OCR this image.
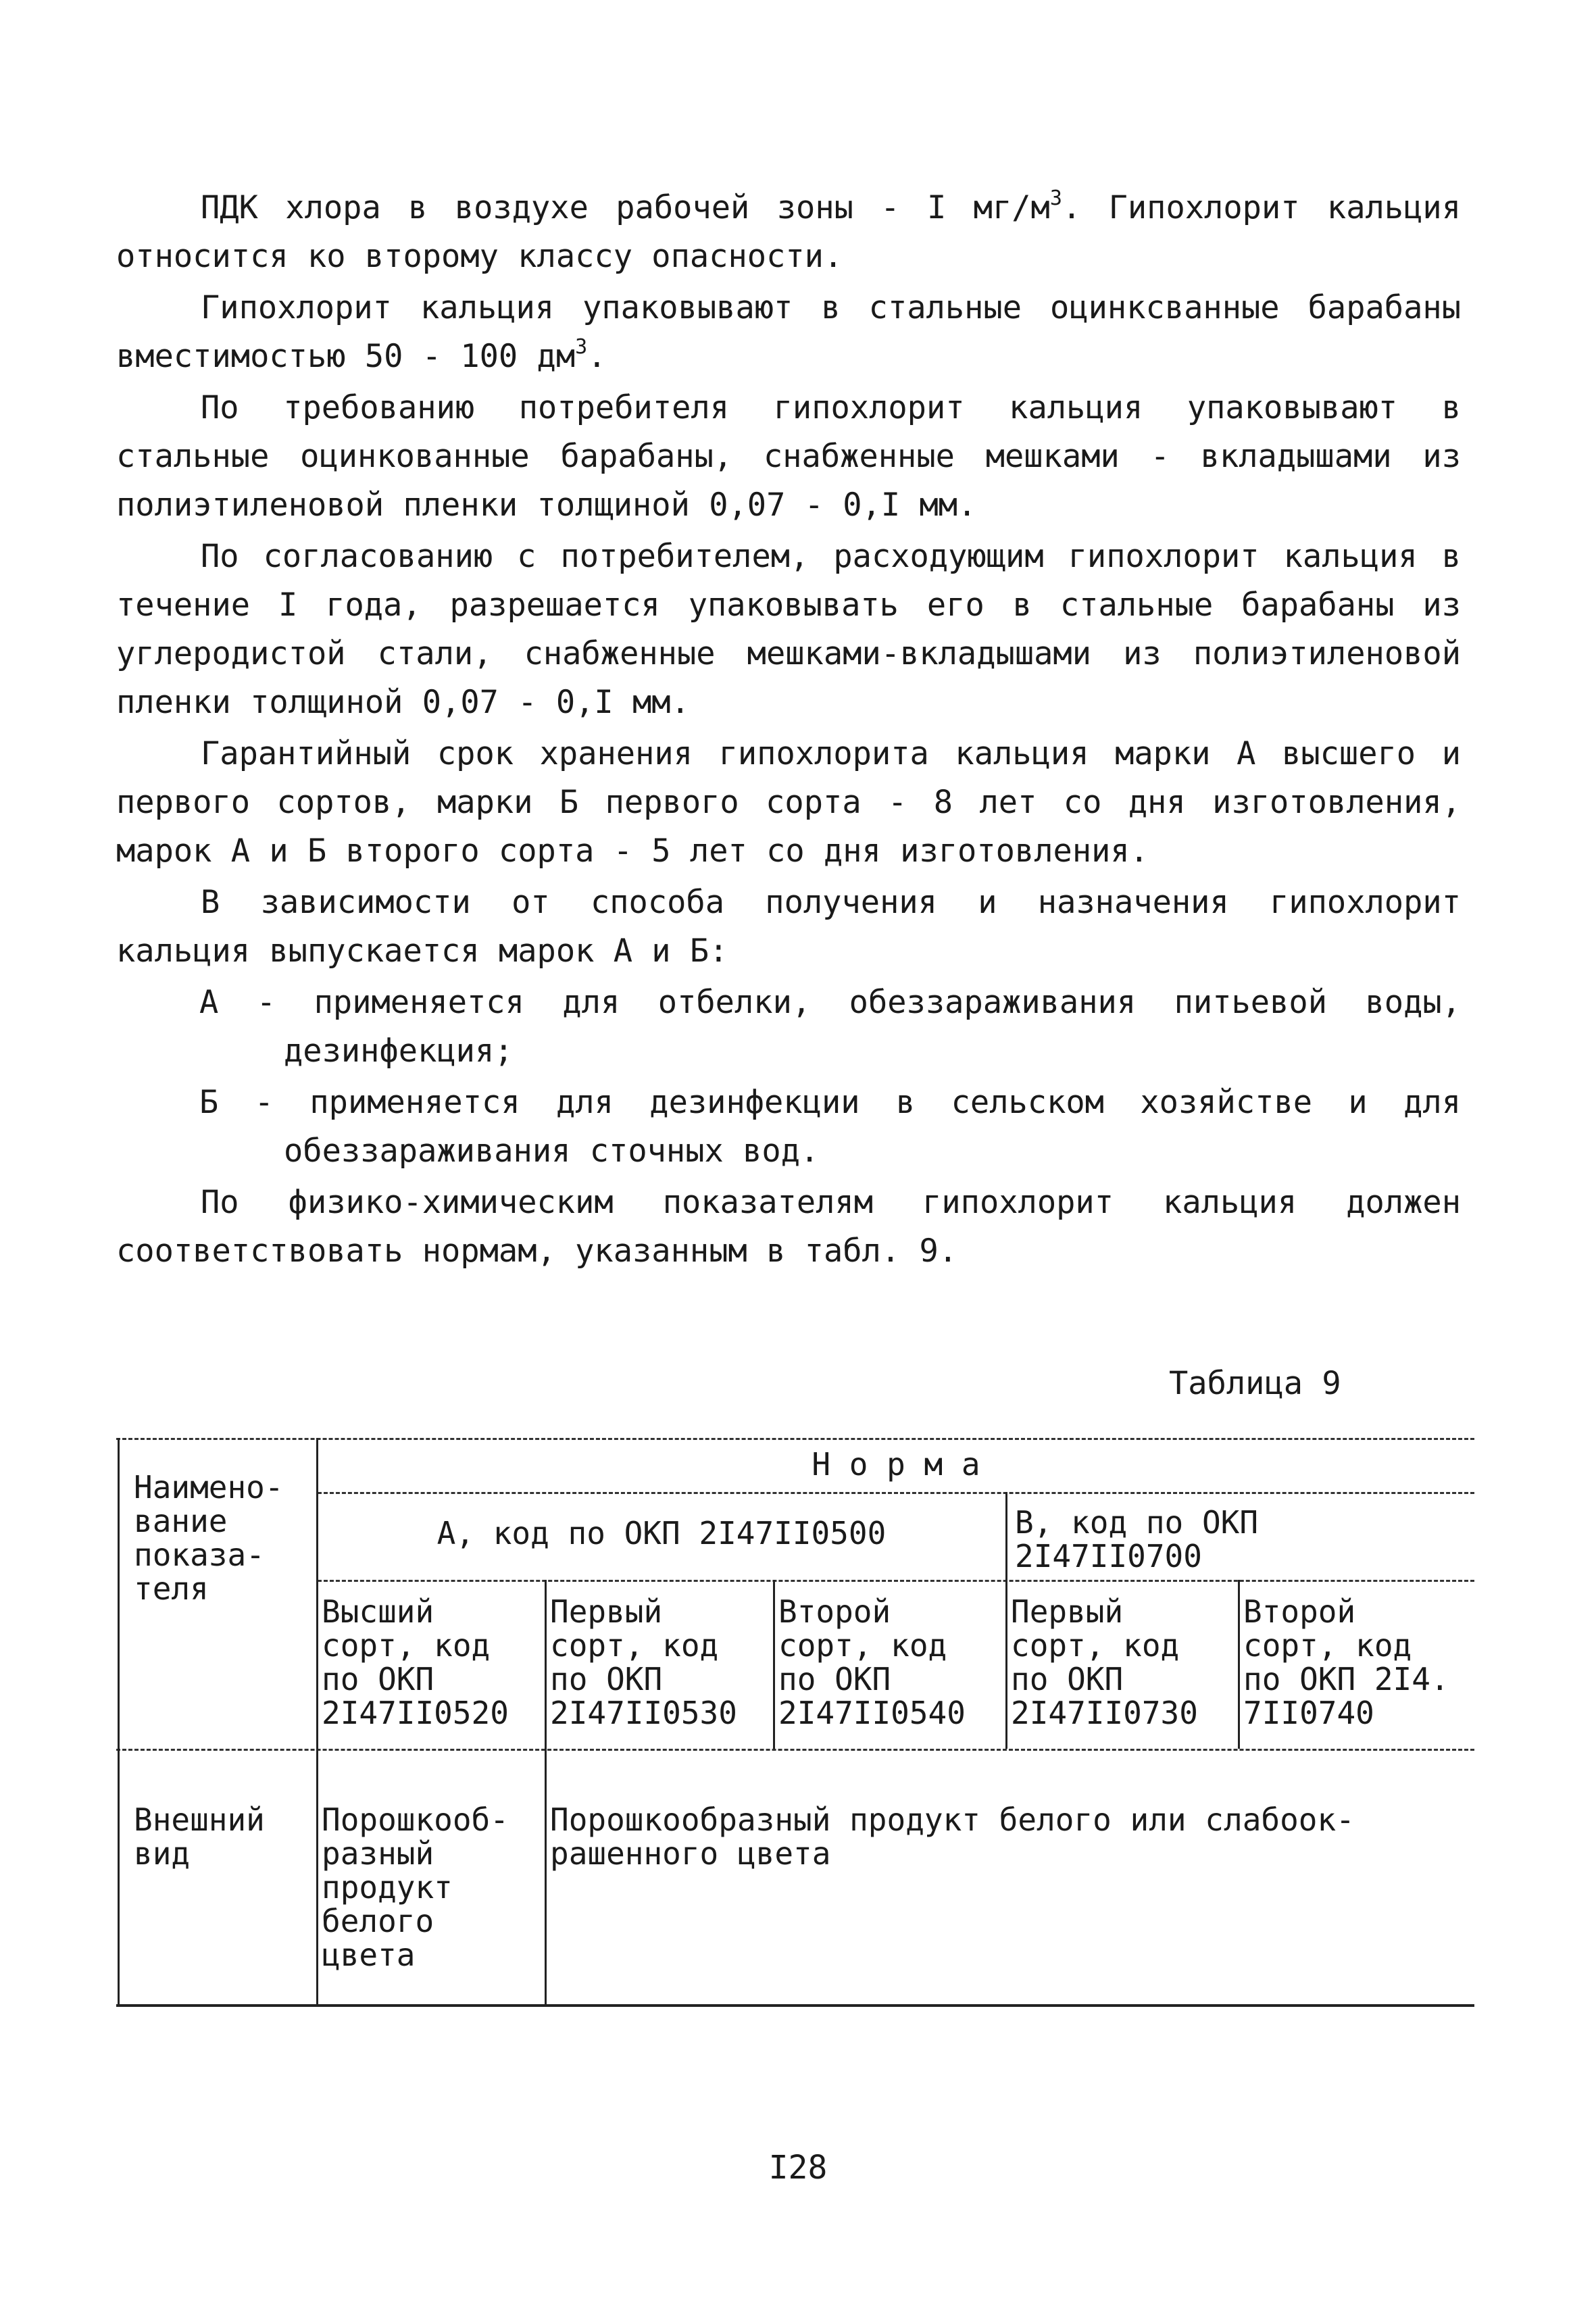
ПДК хлора в воздухе рабочей зоны - I $мг/м^3$. Гипохлорит кальция относится ко второму классу опасности.

Гипохлорит кальция упаковывают в стальные оцинксванные барабаны вместимостью 50 - 100 $дм^3$.

По требованию потребителя гипохлорит кальция упаковывают в стальные оцинкованные барабаны, снабженные мешками - вкладышами из полиэтиленовой пленки толщиной 0,07 - 0,I мм.

По согласованию с потребителем, расходующим гипохлорит кальция в течение I года, разрешается упаковывать его в стальные барабаны из углеродистой стали, снабженные мешками-вкладышами из полиэтиленовой пленки толщиной 0,07 - 0,I мм.

Гарантийный срок хранения гипохлорита кальция марки А высшего и первого сортов, марки Б первого сорта - 8 лет со дня изготовления, марок А и Б второго сорта - 5 лет со дня изготовления.

В зависимости от способа получения и назначения гипохлорит кальция выпускается марок А и Б:

А - применяется для отбелки, обеззараживания питьевой воды, дезинфекция;

Б - применяется для дезинфекции в сельском хозяйстве и для обеззараживания сточных вод.

По физико-химическим показателям гипохлорит кальция должен соответствовать нормам, указанным в табл. 9.

Таблица 9
Наимено-
вание
показа-
теля
Н о р м а
А, код по ОКП 2I47II0500	В, код по ОКП
2I47II0700
Высший
сорт, код
по ОКП
2I47II0520
Первый
сорт, код
по ОКП
2I47II0530
Второй
сорт, код
по ОКП
2I47II0540
Первый
сорт, код
по ОКП
2I47II0730
Второй
сорт, код
по ОКП 2I4.
7II0740
Внешний
вид
Порошкооб-
разный
продукт
белого
цвета
Порошкообразный продукт белого или слабоок-
рашенного цвета
I28
